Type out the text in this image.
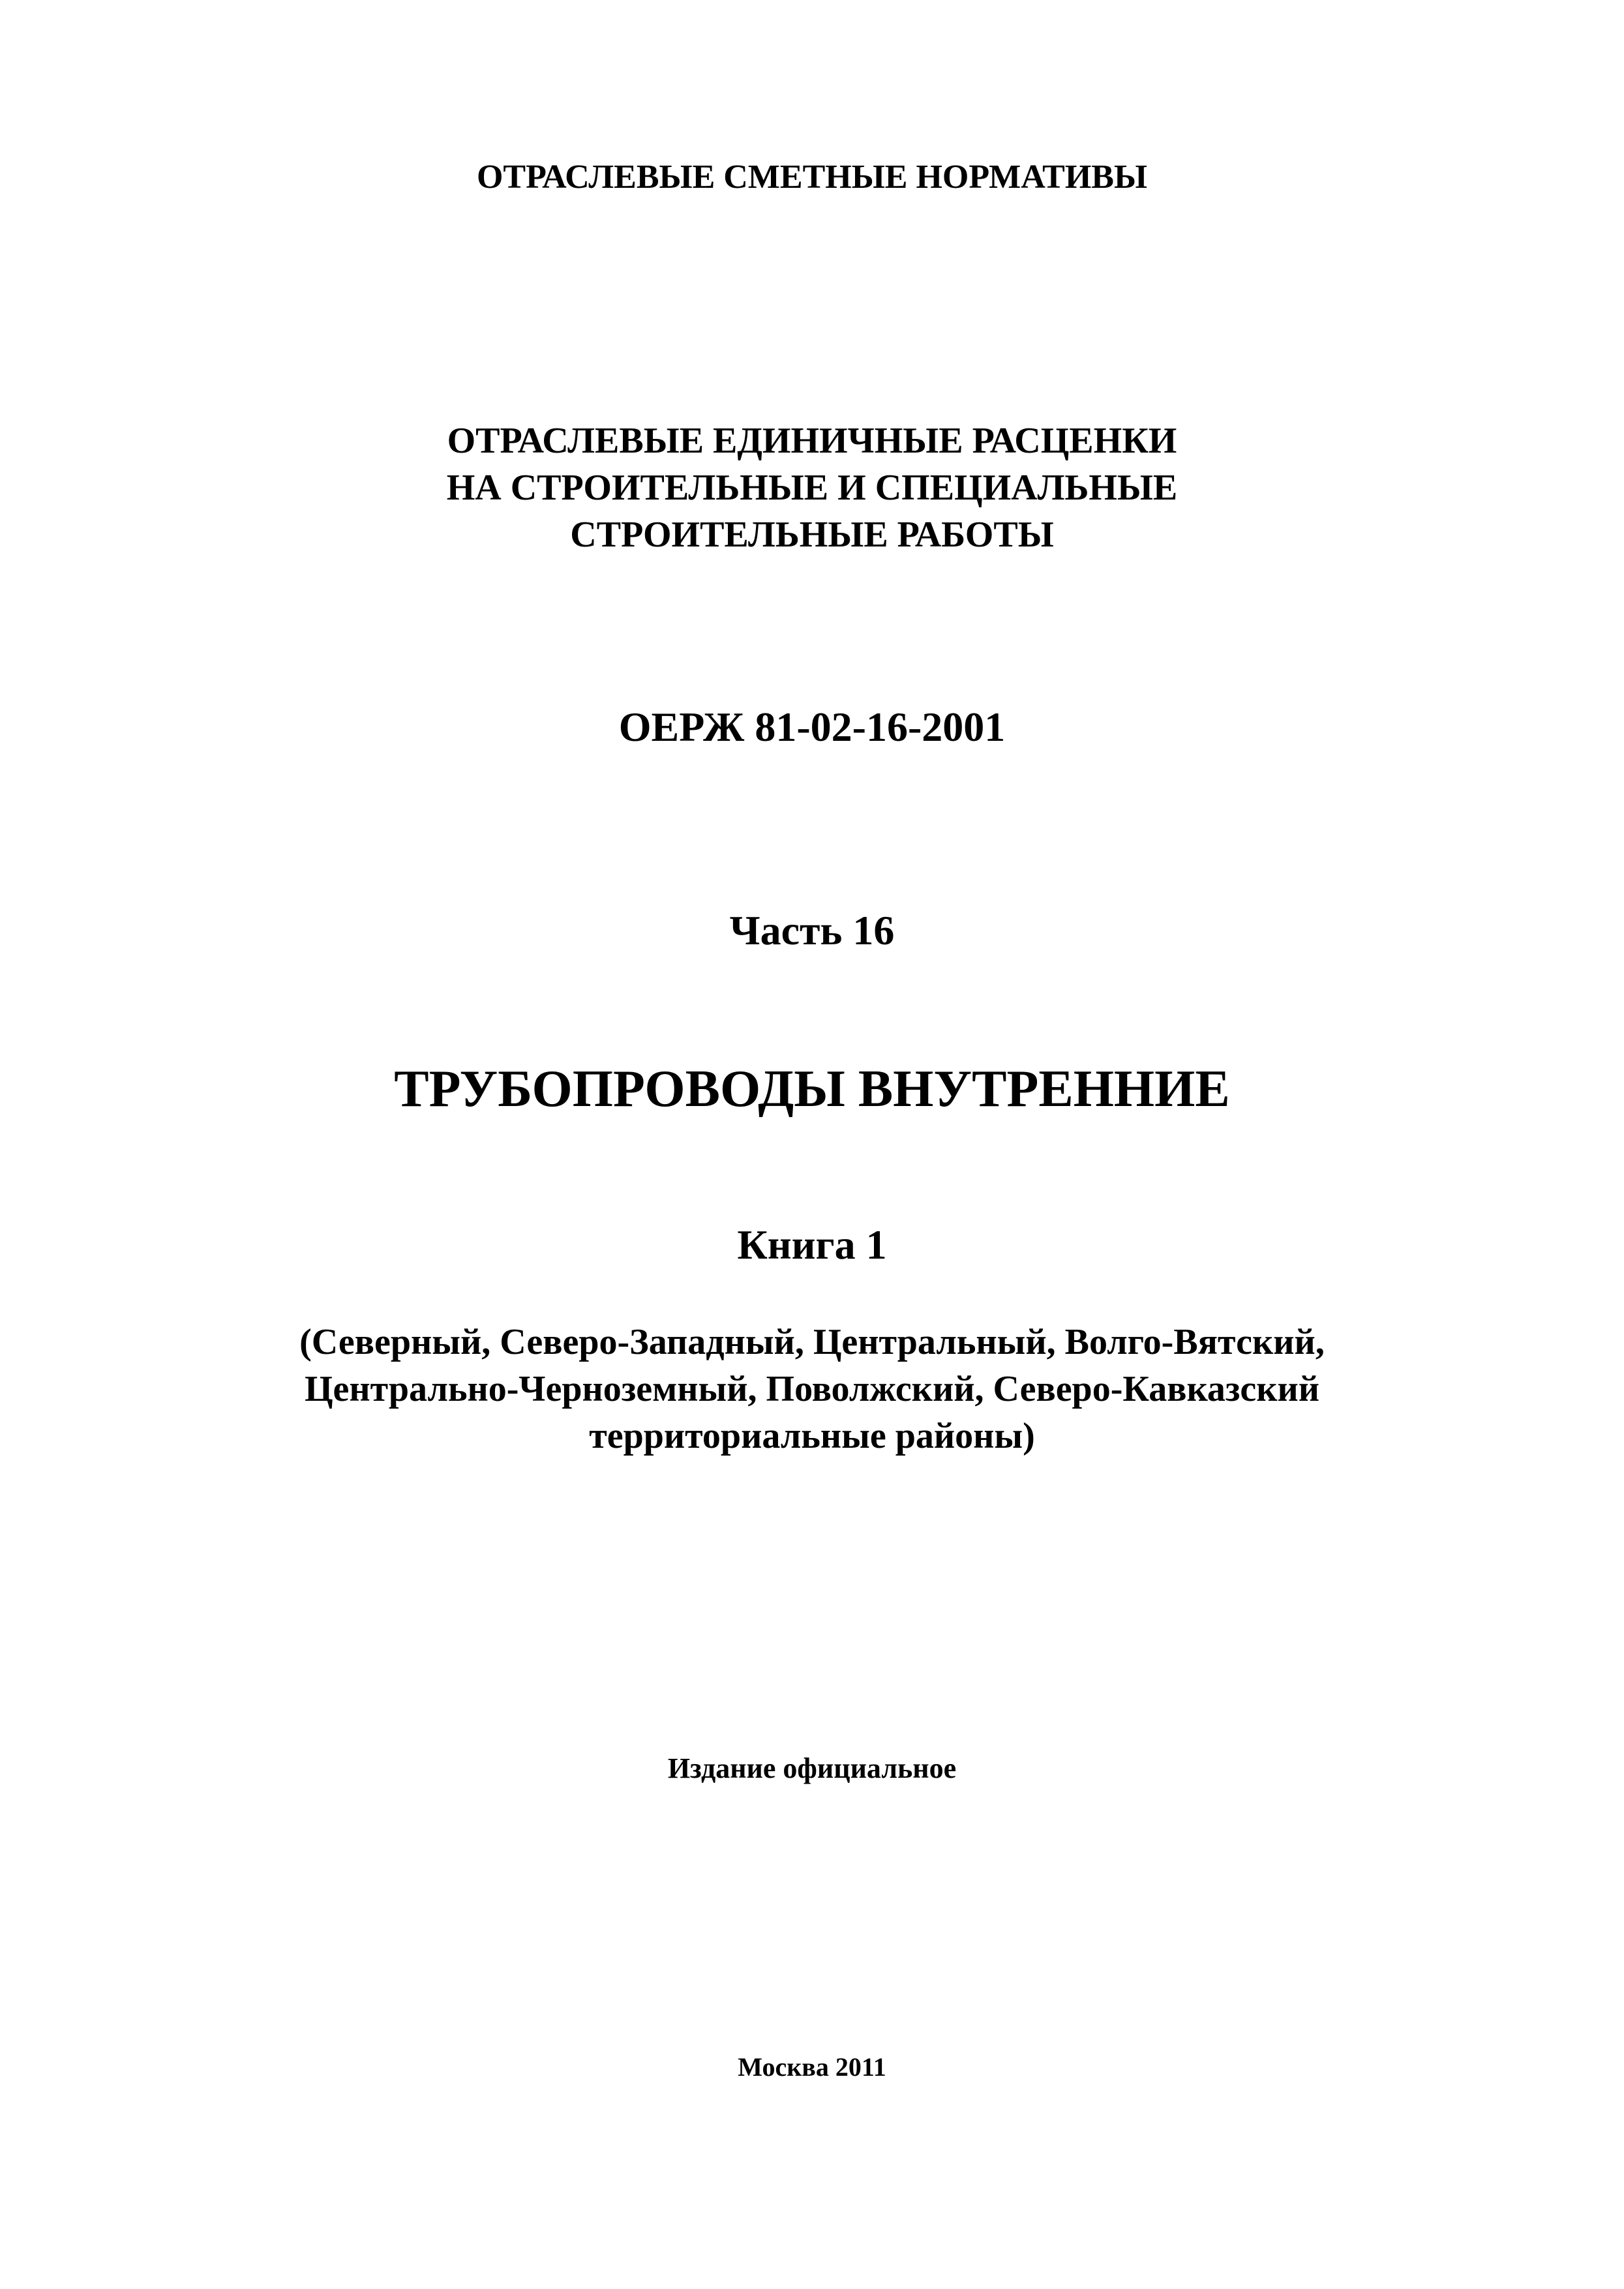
ОТРАСЛЕВЫЕ СМЕТНЫЕ НОРМАТИВЫ
ОТРАСЛЕВЫЕ ЕДИНИЧНЫЕ РАСЦЕНКИ
НА СТРОИТЕЛЬНЫЕ И СПЕЦИАЛЬНЫЕ
СТРОИТЕЛЬНЫЕ РАБОТЫ
ОЕРЖ 81-02-16-2001
Часть 16
ТРУБОПРОВОДЫ ВНУТРЕННИЕ
Книга 1
(Северный, Северо-Западный, Центральный, Волго-Вятский,
Центрально-Черноземный, Поволжский, Северо-Кавказский
территориальные районы)
Издание официальное
Москва 2011
